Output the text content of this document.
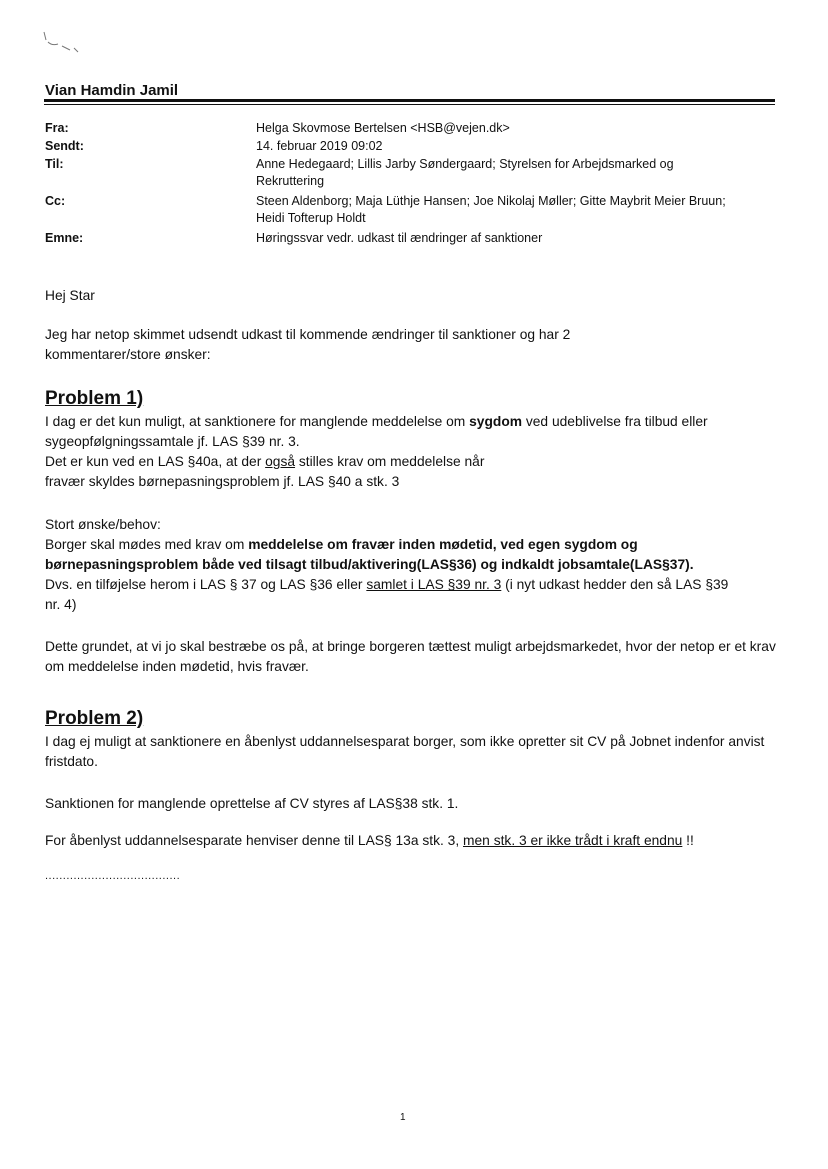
Vian Hamdin Jamil
Fra:	Helga Skovmose Bertelsen <HSB@vejen.dk>
Sendt:	14. februar 2019 09:02
Til:	Anne Hedegaard; Lillis Jarby Søndergaard; Styrelsen for Arbejdsmarked og Rekruttering
Cc:	Steen Aldenborg; Maja Lüthje Hansen; Joe Nikolaj Møller; Gitte Maybrit Meier Bruun; Heidi Tofterup Holdt
Emne:	Høringssvar vedr. udkast til ændringer af sanktioner
Hej Star
Jeg har netop skimmet udsendt udkast til kommende ændringer til sanktioner og har 2 kommentarer/store ønsker:
Problem 1)
I dag er det kun muligt, at sanktionere for manglende meddelelse om sygdom ved udeblivelse fra tilbud eller sygeopfølgningssamtale jf. LAS §39 nr. 3.
Det er kun ved en LAS §40a, at der også stilles krav om meddelelse når fravær skyldes børnepasningsproblem jf. LAS §40 a stk. 3
Stort ønske/behov:
Borger skal mødes med krav om meddelelse om fravær inden mødetid, ved egen sygdom og børnepasningsproblem både ved tilsagt tilbud/aktivering(LAS§36) og indkaldt jobsamtale(LAS§37).
Dvs. en tilføjelse herom i LAS § 37 og LAS §36 eller samlet i LAS §39 nr. 3 (i nyt udkast hedder den så LAS §39 nr. 4)
Dette grundet, at vi jo skal bestræbe os på, at bringe borgeren tættest muligt arbejdsmarkedet, hvor der netop er et krav om meddelelse inden mødetid, hvis fravær.
Problem 2)
I dag ej muligt at sanktionere en åbenlyst uddannelsesparat borger, som ikke opretter sit CV på Jobnet indenfor anvist fristdato.
Sanktionen for manglende oprettelse af CV styres af LAS§38 stk. 1.
For åbenlyst uddannelsesparate henviser denne til LAS§ 13a stk. 3, men stk. 3 er ikke trådt i kraft endnu !!
......................................
1
